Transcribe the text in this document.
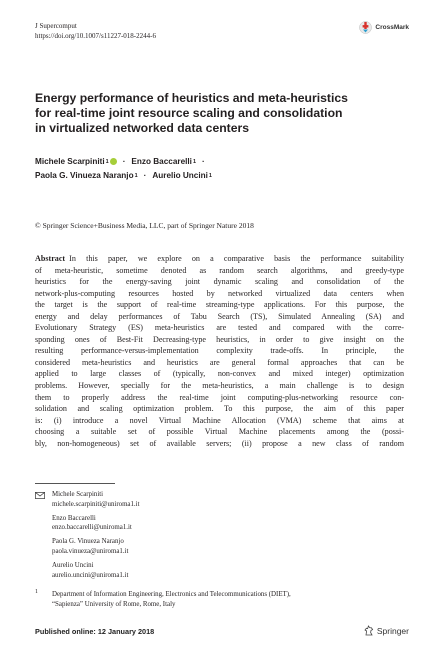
J Supercomput
https://doi.org/10.1007/s11227-018-2244-6
CrossMark
Energy performance of heuristics and meta-heuristics
for real-time joint resource scaling and consolidation
in virtualized networked data centers
Michele Scarpiniti 1 · Enzo Baccarelli 1 ·
Paola G. Vinueza Naranjo 1 · Aurelio Uncini 1
© Springer Science+Business Media, LLC, part of Springer Nature 2018
Abstract  In this paper, we explore on a comparative basis the performance suitability
of meta-heuristic, sometime denoted as random search algorithms, and greedy-type
heuristics for the energy-saving joint dynamic scaling and consolidation of the
network-plus-computing resources hosted by networked virtualized data centers when
the target is the support of real-time streaming-type applications. For this purpose, the
energy and delay performances of Tabu Search (TS), Simulated Annealing (SA) and
Evolutionary Strategy (ES) meta-heuristics are tested and compared with the corre-
sponding ones of Best-Fit Decreasing-type heuristics, in order to give insight on the
resulting performance-versus-implementation complexity trade-offs. In principle, the
considered meta-heuristics and heuristics are general formal approaches that can be
applied to large classes of (typically, non-convex and mixed integer) optimization
problems. However, specially for the meta-heuristics, a main challenge is to design
them to properly address the real-time joint computing-plus-networking resource con-
solidation and scaling optimization problem. To this purpose, the aim of this paper
is: (i) introduce a novel Virtual Machine Allocation (VMA) scheme that aims at
choosing a suitable set of possible Virtual Machine placements among the (possi-
bly, non-homogeneous) set of available servers; (ii) propose a new class of random
Michele Scarpiniti
michele.scarpiniti@uniroma1.it
Enzo Baccarelli
enzo.baccarelli@uniroma1.it
Paola G. Vinueza Naranjo
paola.vinueza@uniroma1.it
Aurelio Uncini
aurelio.uncini@uniroma1.it
1 Department of Information Engineering, Electronics and Telecommunications (DIET),
“Sapienza” University of Rome, Rome, Italy
Published online: 12 January 2018	Springer
